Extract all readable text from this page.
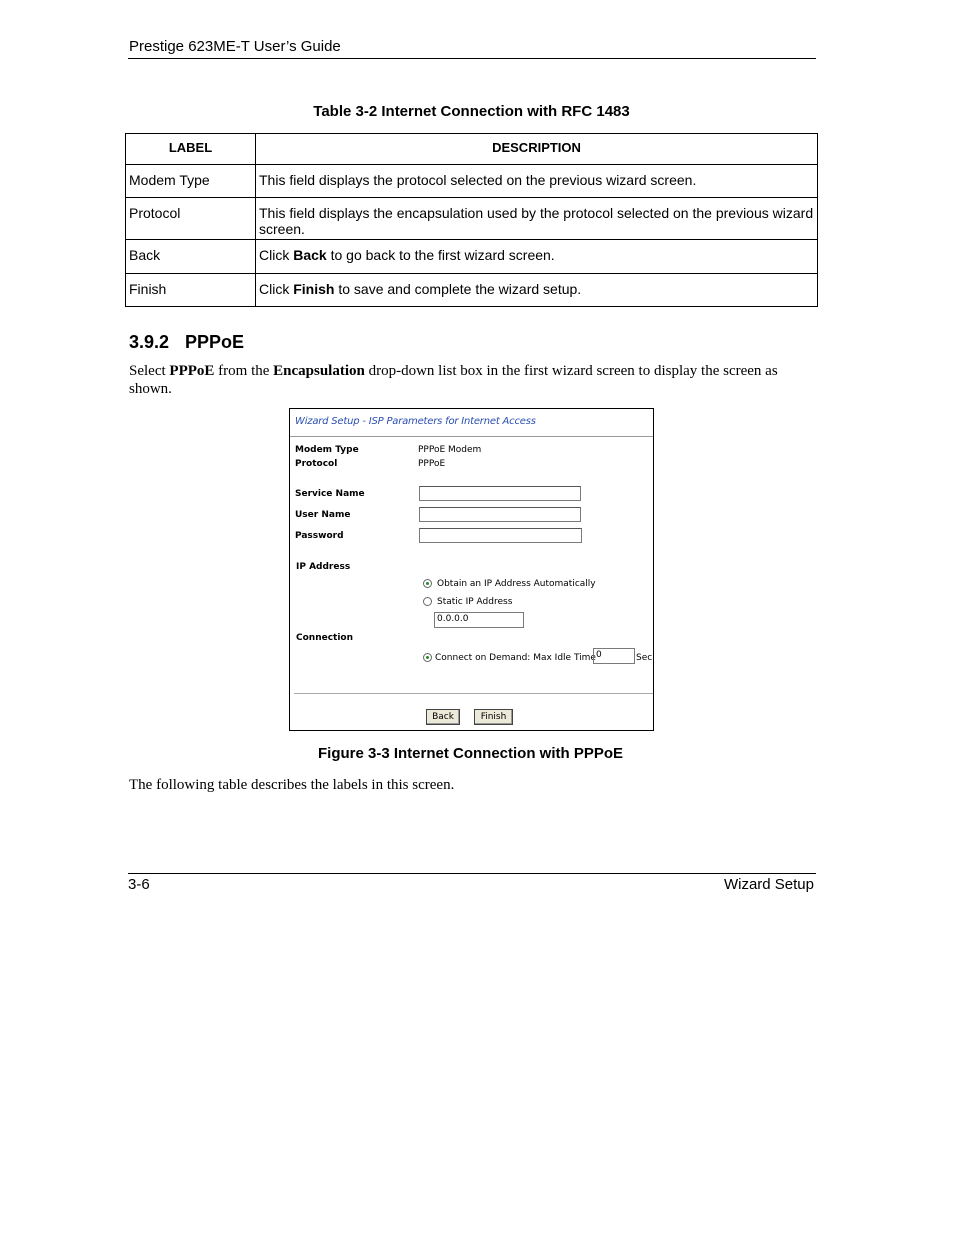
Prestige 623ME-T User’s Guide
Table 3-2 Internet Connection with RFC 1483
LABEL	DESCRIPTION
Modem Type	This field displays the protocol selected on the previous wizard screen.
Protocol	This field displays the encapsulation used by the protocol selected on the previous wizard screen.
Back	Click Back to go back to the first wizard screen.
Finish	Click Finish to save and complete the wizard setup.
3.9.2 PPPoE
Select PPPoE from the Encapsulation drop-down list box in the first wizard screen to display the screen as shown.
Wizard Setup - ISP Parameters for Internet Access
Modem Type	PPPoE Modem
Protocol	PPPoE
Service Name
User Name
Password
IP Address
Obtain an IP Address Automatically
Static IP Address
0.0.0.0
Connection
Connect on Demand: Max Idle Time 0	Sec
Back	Finish
Figure 3-3 Internet Connection with PPPoE
The following table describes the labels in this screen.
3-6	Wizard Setup
